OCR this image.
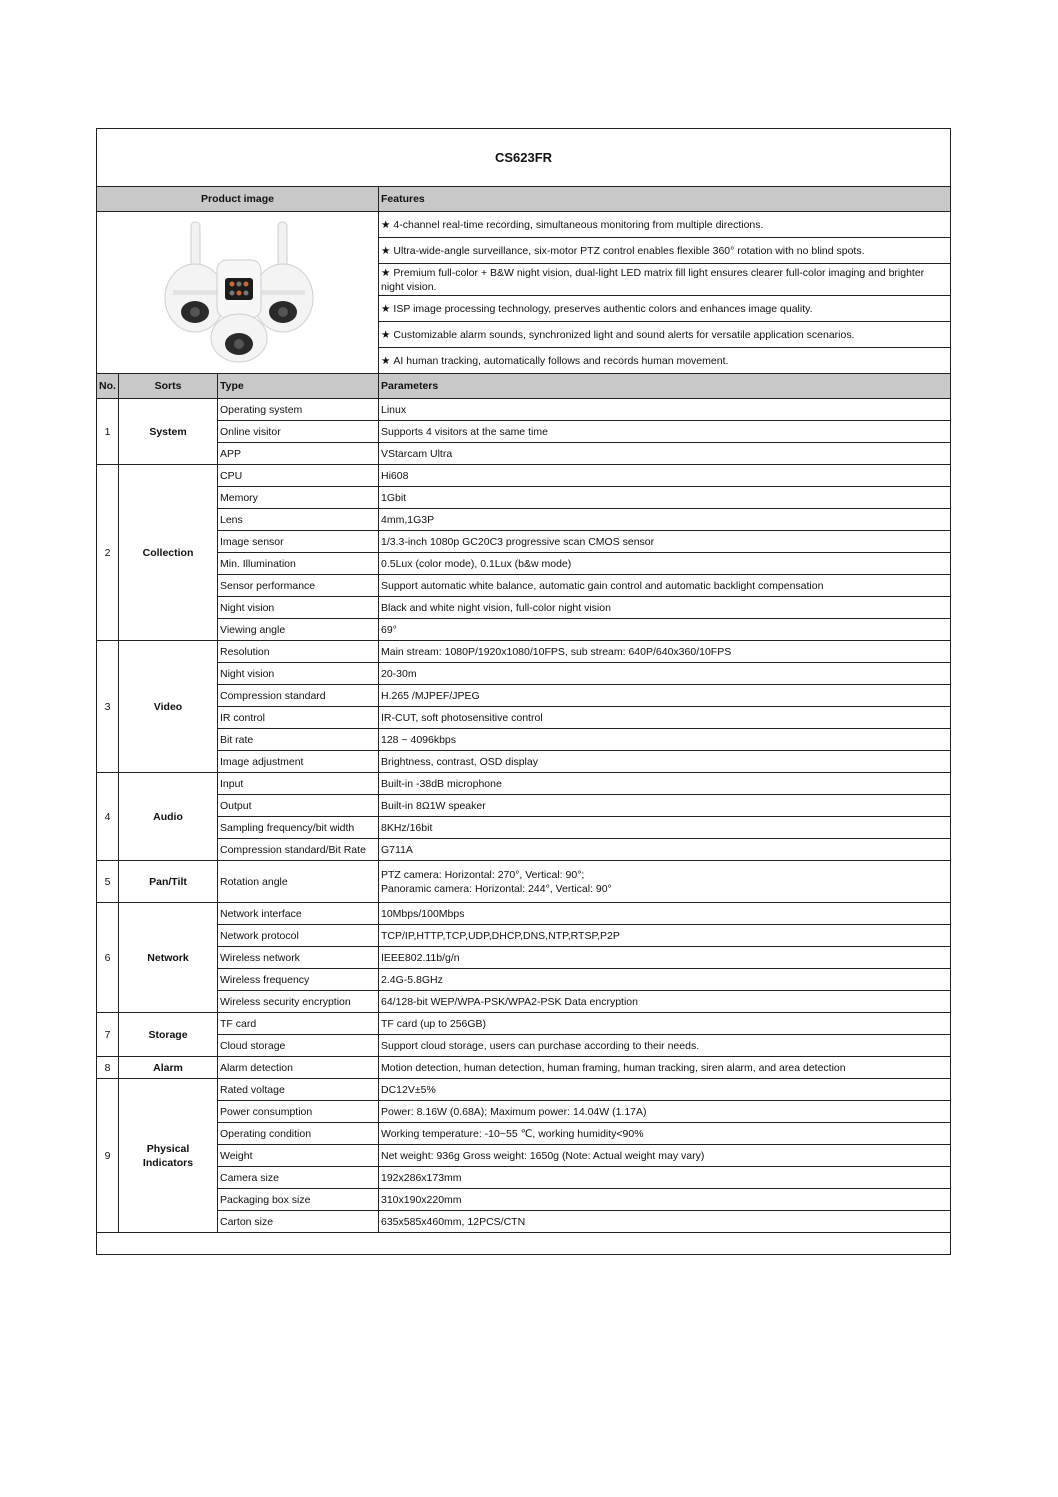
CS623FR			
Product image			Features

	★ 4-channel real-time recording, simultaneous monitoring from multiple directions.
			★ Ultra-wide-angle surveillance, six-motor PTZ control enables flexible 360° rotation with no blind spots.
			★ Premium full-color + B&W night vision, dual-light LED matrix fill light ensures clearer full-color imaging and brighter night vision.
			★ ISP image processing technology, preserves authentic colors and enhances image quality.
			★ Customizable alarm sounds, synchronized light and sound alerts for versatile application scenarios.
			★ AI human tracking, automatically follows and records human movement.
No.	Sorts	Type	Parameters
1	System	Operating system	Linux

		Online visitor	Supports 4 visitors at the same time

		APP	VStarcam Ultra

2	Collection	CPU	Hi608

		Memory	1Gbit

		Lens	4mm,1G3P

		Image sensor	1/3.3-inch 1080p GC20C3 progressive scan CMOS sensor

		Min. Illumination	0.5Lux (color mode), 0.1Lux (b&w mode)

		Sensor performance	Support automatic white balance, automatic gain control and automatic backlight compensation

		Night vision	Black and white night vision, full-color night vision

		Viewing angle	69°

3	Video	Resolution	Main stream: 1080P/1920x1080/10FPS, sub stream: 640P/640x360/10FPS

		Night vision	20-30m

		Compression standard	H.265 /MJPEF/JPEG

		IR control	IR-CUT, soft photosensitive control

		Bit rate	128 ~ 4096kbps

		Image adjustment	Brightness, contrast, OSD display

4	Audio	Input	Built-in -38dB microphone

		Output	Built-in 8Ω1W speaker

		Sampling frequency/bit width	8KHz/16bit

		Compression standard/Bit Rate	G711A

5	Pan/Tilt	Rotation angle	PTZ camera: Horizontal: 270°, Vertical: 90°;
Panoramic camera: Horizontal: 244°, Vertical: 90°

6	Network	Network interface	10Mbps/100Mbps

		Network protocol	TCP/IP,HTTP,TCP,UDP,DHCP,DNS,NTP,RTSP,P2P

		Wireless network	IEEE802.11b/g/n

		Wireless frequency	2.4G-5.8GHz

		Wireless security encryption	64/128-bit WEP/WPA-PSK/WPA2-PSK Data encryption

7	Storage	TF card	TF card (up to 256GB)

		Cloud storage	Support cloud storage, users can purchase according to their needs.

8	Alarm	Alarm detection	Motion detection, human detection, human framing, human tracking, siren alarm, and area detection

9	Physical Indicators	Rated voltage	DC12V±5%

		Power consumption	Power: 8.16W (0.68A); Maximum power: 14.04W (1.17A)

		Operating condition	Working temperature: -10~55 ℃, working humidity<90%

		Weight	Net weight: 936g Gross weight: 1650g (Note: Actual weight may vary)

		Camera size	192x286x173mm

		Packaging box size	310x190x220mm

		Carton size	635x585x460mm, 12PCS/CTN
